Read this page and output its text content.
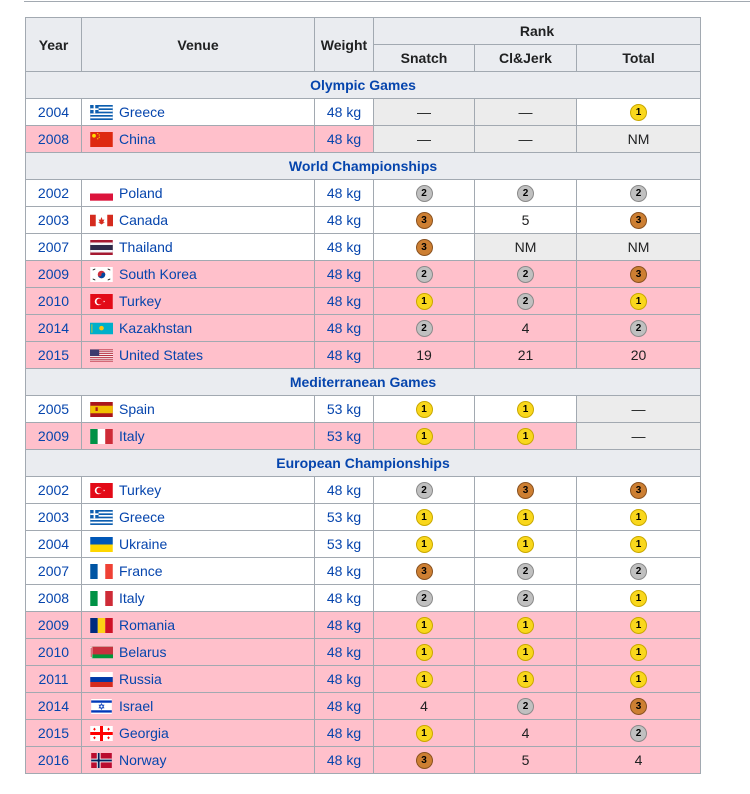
Year	Venue	Weight	Rank		
			Snatch	Cl&Jerk	Total
Olympic Games					
2004	Greece	48 kg	—	—	1
2008	China	48 kg	—	—	NM
World Championships					
2002	Poland	48 kg	2	2	2
2003	Canada	48 kg	3	5	3
2007	Thailand	48 kg	3	NM	NM
2009	South Korea	48 kg	2	2	3
2010	Turkey	48 kg	1	2	1
2014	Kazakhstan	48 kg	2	4	2
2015	United States	48 kg	19	21	20
Mediterranean Games					
2005	Spain	53 kg	1	1	—
2009	Italy	53 kg	1	1	—
European Championships					
2002	Turkey	48 kg	2	3	3
2003	Greece	53 kg	1	1	1
2004	Ukraine	53 kg	1	1	1
2007	France	48 kg	3	2	2
2008	Italy	48 kg	2	2	1
2009	Romania	48 kg	1	1	1
2010	Belarus	48 kg	1	1	1
2011	Russia	48 kg	1	1	1
2014	Israel	48 kg	4	2	3
2015	Georgia	48 kg	1	4	2
2016	Norway	48 kg	3	5	4
